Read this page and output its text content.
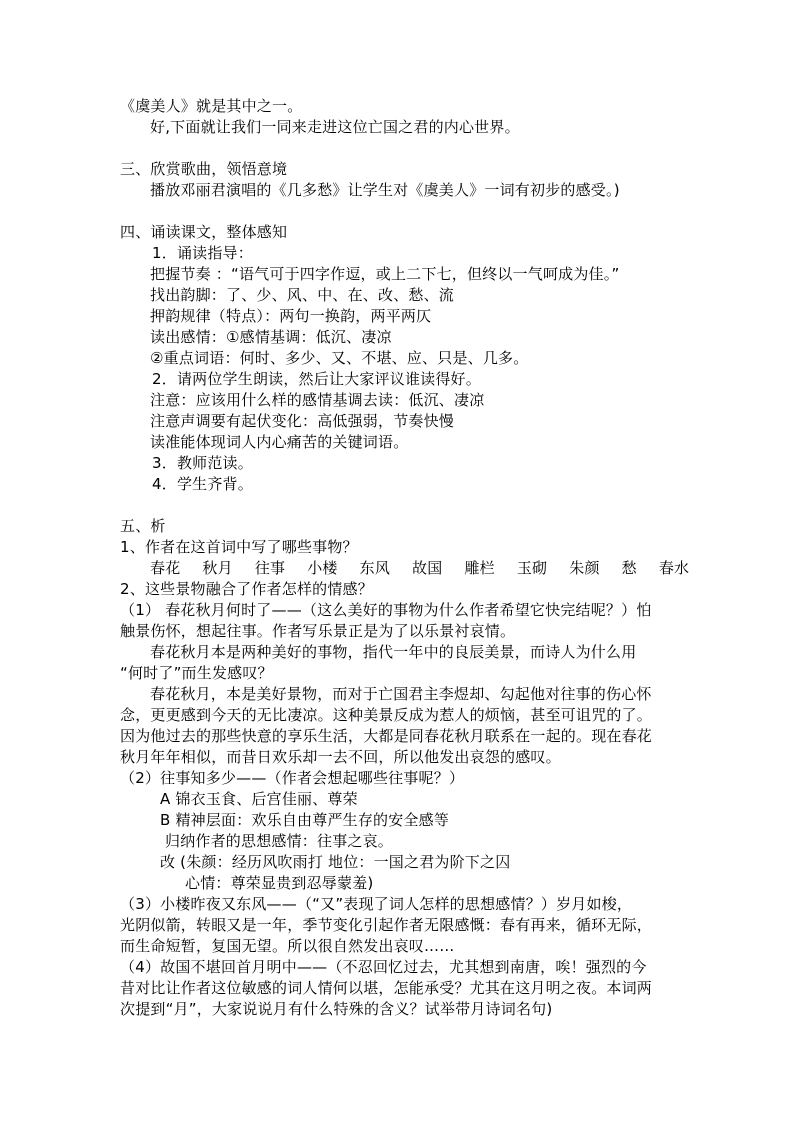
《虞美人》就是其中之一。
好,下面就让我们一同来走进这位亡国之君的内心世界。
三、欣赏歌曲，领悟意境
播放邓丽君演唱的《几多愁》让学生对《虞美人》一词有初步的感受。)
四、诵读课文，整体感知
1．诵读指导：
把握节奏 ：“语气可于四字作逗，或上二下七，但终以一气呵成为佳。”
找出韵脚：了、少、风、中、在、改、愁、流
押韵规律（特点）：两句一换韵，两平两仄
读出感情：①感情基调：低沉、凄凉
②重点词语：何时、多少、又、不堪、应、只是、几多。
2．请两位学生朗读，然后让大家评议谁读得好。
注意：应该用什么样的感情基调去读：低沉、凄凉
注意声调要有起伏变化：高低强弱，节奏快慢
读准能体现词人内心痛苦的关键词语。
3．教师范读。
4．学生齐背。
五、析
1、作者在这首词中写了哪些事物？
春花 秋月 往事 小楼 东风 故国 雕栏 玉砌 朱颜 愁 春水
2、这些景物融合了作者怎样的情感？
（1） 春花秋月何时了——（这么美好的事物为什么作者希望它快完结呢？）怕
触景伤怀，想起往事。作者写乐景正是为了以乐景衬哀情。
春花秋月本是两种美好的事物，指代一年中的良辰美景，而诗人为什么用
“何时了”而生发感叹？
春花秋月，本是美好景物，而对于亡国君主李煜却、勾起他对往事的伤心怀
念，更更感到今天的无比凄凉。这种美景反成为惹人的烦恼，甚至可诅咒的了。
因为他过去的那些快意的享乐生活，大都是同春花秋月联系在一起的。现在春花
秋月年年相似，而昔日欢乐却一去不回，所以他发出哀怨的感叹。
（2）往事知多少——（作者会想起哪些往事呢？）
A 锦衣玉食、后宫佳丽、尊荣
B 精神层面：欢乐自由尊严生存的安全感等
归纳作者的思想感情：往事之哀。
改 (朱颜：经历风吹雨打 地位：一国之君为阶下之囚
心情：尊荣显贵到忍辱蒙羞)
（3）小楼昨夜又东风——（“又”表现了词人怎样的思想感情？）岁月如梭，
光阴似箭，转眼又是一年，季节变化引起作者无限感慨：春有再来，循环无际，
而生命短暂，复国无望。所以很自然发出哀叹……
（4）故国不堪回首月明中——（不忍回忆过去，尤其想到南唐，唉！强烈的今
昔对比让作者这位敏感的词人情何以堪，怎能承受？尤其在这月明之夜。本词两
次提到“月”，大家说说月有什么特殊的含义？试举带月诗词名句)
